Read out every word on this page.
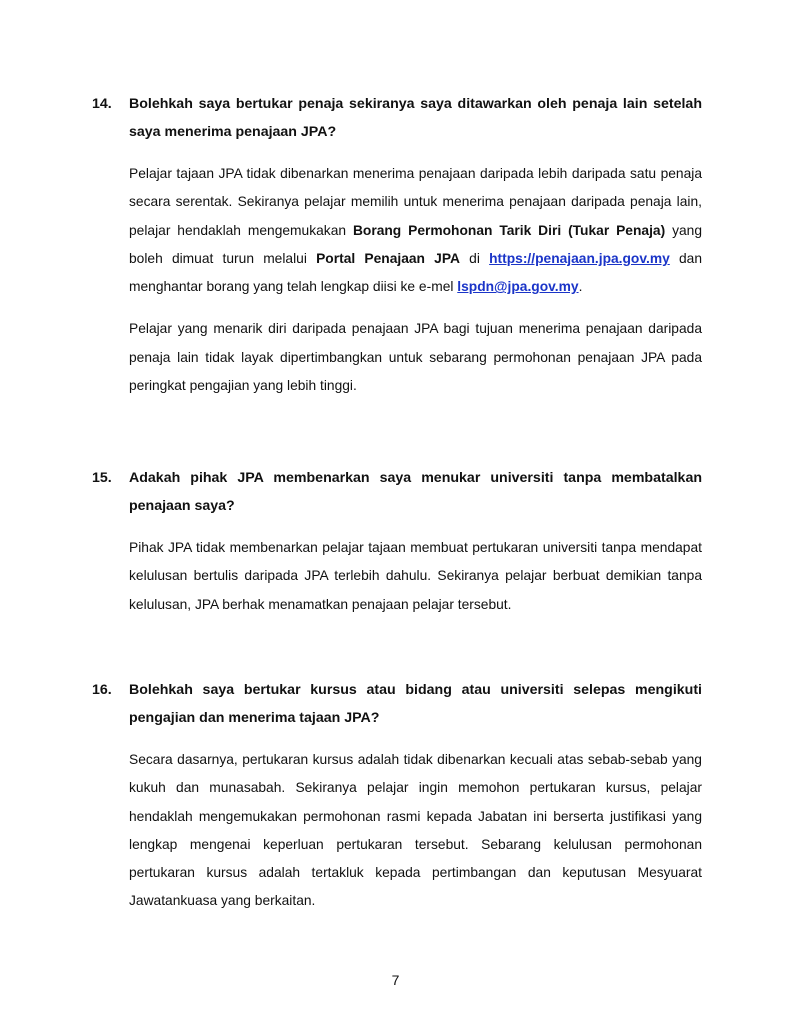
14.	Bolehkah saya bertukar penaja sekiranya saya ditawarkan oleh penaja lain setelah saya menerima penajaan JPA?

Pelajar tajaan JPA tidak dibenarkan menerima penajaan daripada lebih daripada satu penaja secara serentak. Sekiranya pelajar memilih untuk menerima penajaan daripada penaja lain, pelajar hendaklah mengemukakan Borang Permohonan Tarik Diri (Tukar Penaja) yang boleh dimuat turun melalui Portal Penajaan JPA di https://penajaan.jpa.gov.my dan menghantar borang yang telah lengkap diisi ke e-mel lspdn@jpa.gov.my.

Pelajar yang menarik diri daripada penajaan JPA bagi tujuan menerima penajaan daripada penaja lain tidak layak dipertimbangkan untuk sebarang permohonan penajaan JPA pada peringkat pengajian yang lebih tinggi.

15.	Adakah pihak JPA membenarkan saya menukar universiti tanpa membatalkan penajaan saya?

Pihak JPA tidak membenarkan pelajar tajaan membuat pertukaran universiti tanpa mendapat kelulusan bertulis daripada JPA terlebih dahulu. Sekiranya pelajar berbuat demikian tanpa kelulusan, JPA berhak menamatkan penajaan pelajar tersebut.

16.	Bolehkah saya bertukar kursus atau bidang atau universiti selepas mengikuti pengajian dan menerima tajaan JPA?

Secara dasarnya, pertukaran kursus adalah tidak dibenarkan kecuali atas sebab-sebab yang kukuh dan munasabah. Sekiranya pelajar ingin memohon pertukaran kursus, pelajar hendaklah mengemukakan permohonan rasmi kepada Jabatan ini berserta justifikasi yang lengkap mengenai keperluan pertukaran tersebut. Sebarang kelulusan permohonan pertukaran kursus adalah tertakluk kepada pertimbangan dan keputusan Mesyuarat Jawatankuasa yang berkaitan.

7
